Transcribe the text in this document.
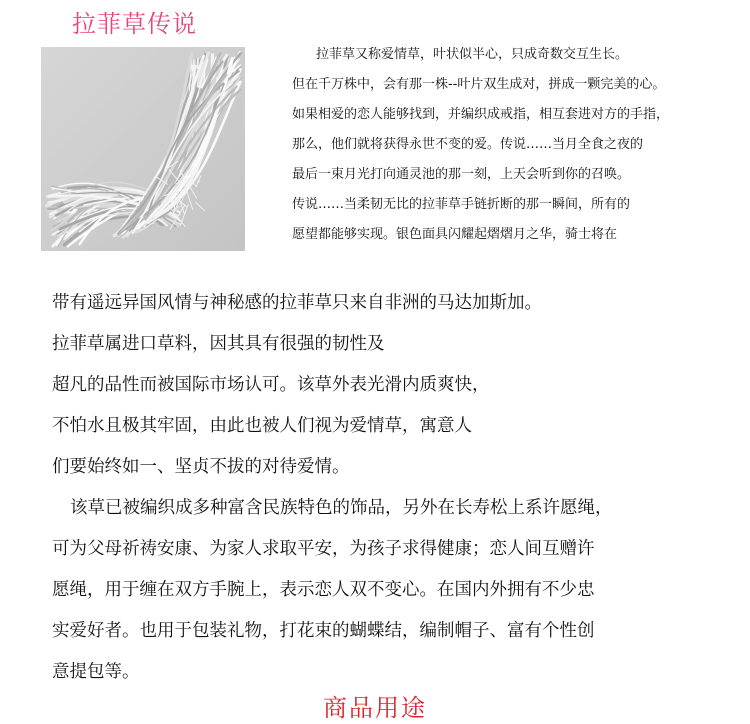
拉菲草传说

拉菲草又称爱情草，叶状似半心，只成奇数交互生长。

但在千万株中，会有那一株--叶片双生成对，拼成一颗完美的心。

如果相爱的恋人能够找到，并编织成戒指，相互套进对方的手指，

那么，他们就将获得永世不变的爱。传说……当月全食之夜的

最后一束月光打向通灵池的那一刻，上天会听到你的召唤。

传说……当柔韧无比的拉菲草手链折断的那一瞬间，所有的

愿望都能够实现。银色面具闪耀起熠熠月之华，骑士将在

带有遥远异国风情与神秘感的拉菲草只来自非洲的马达加斯加。

拉菲草属进口草料，因其具有很强的韧性及

超凡的品性而被国际市场认可。该草外表光滑内质爽快，

不怕水且极其牢固，由此也被人们视为爱情草，寓意人

们要始终如一、坚贞不拔的对待爱情。

该草已被编织成多种富含民族特色的饰品，另外在长寿松上系许愿绳，

可为父母祈祷安康、为家人求取平安，为孩子求得健康；恋人间互赠许

愿绳，用于缠在双方手腕上，表示恋人双不变心。在国内外拥有不少忠

实爱好者。也用于包装礼物，打花束的蝴蝶结，编制帽子、富有个性创

意提包等。

商品用途
